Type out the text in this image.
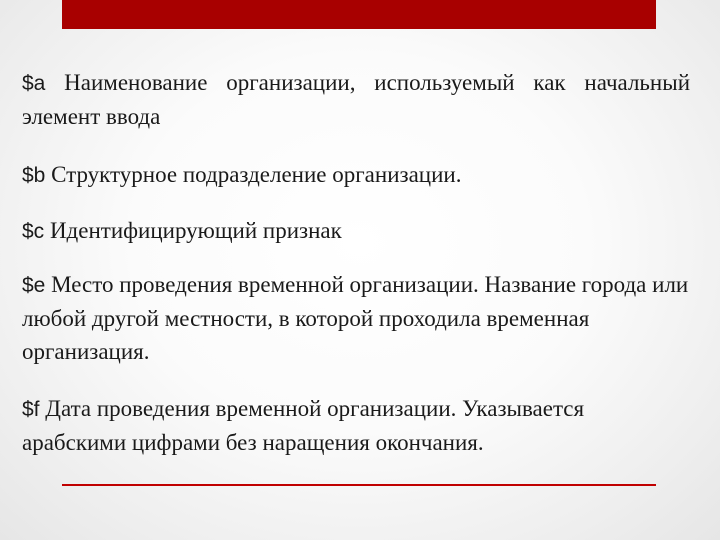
$a Наименование организации, используемый как начальный элемент ввода

$b Структурное подразделение организации.

$c Идентифицирующий признак

$e Место проведения временной организации. Название города или любой другой местности, в которой проходила временная организация.

$f Дата проведения временной организации. Указывается арабскими цифрами без наращения окончания.
